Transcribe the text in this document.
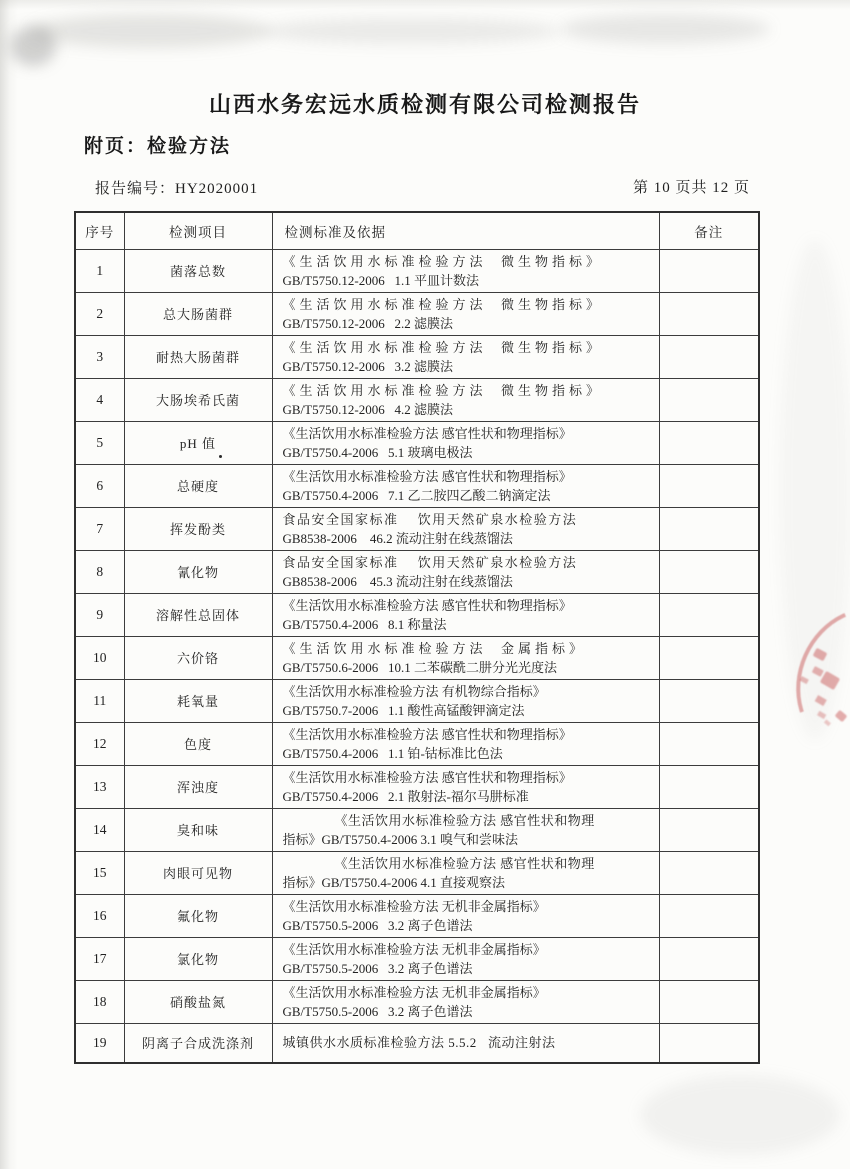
山西水务宏远水质检测有限公司检测报告
附页：检验方法
报告编号：HY2020001	第 10 页共 12 页
序号	检测项目	检测标准及依据	备注
1	菌落总数	《生活饮用水标准检验方法  微生物指标》
GB/T5750.12-2006   1.1 平皿计数法	

2	总大肠菌群	《生活饮用水标准检验方法  微生物指标》
GB/T5750.12-2006   2.2 滤膜法	

3	耐热大肠菌群	《生活饮用水标准检验方法  微生物指标》
GB/T5750.12-2006   3.2 滤膜法	

4	大肠埃希氏菌	《生活饮用水标准检验方法  微生物指标》
GB/T5750.12-2006   4.2 滤膜法	

5	pH 值	《生活饮用水标准检验方法 感官性状和物理指标》
GB/T5750.4-2006   5.1 玻璃电极法	

6	总硬度	《生活饮用水标准检验方法 感官性状和物理指标》
GB/T5750.4-2006   7.1 乙二胺四乙酸二钠滴定法	

7	挥发酚类	食品安全国家标准　 饮用天然矿泉水检验方法
GB8538-2006    46.2 流动注射在线蒸馏法	

8	氰化物	食品安全国家标准　 饮用天然矿泉水检验方法
GB8538-2006    45.3 流动注射在线蒸馏法	

9	溶解性总固体	《生活饮用水标准检验方法 感官性状和物理指标》
GB/T5750.4-2006   8.1 称量法	

10	六价铬	《生活饮用水标准检验方法  金属指标》
GB/T5750.6-2006   10.1 二苯碳酰二肼分光光度法	

11	耗氧量	《生活饮用水标准检验方法 有机物综合指标》
GB/T5750.7-2006   1.1 酸性高锰酸钾滴定法	

12	色度	《生活饮用水标准检验方法 感官性状和物理指标》
GB/T5750.4-2006   1.1 铂-钴标准比色法	

13	浑浊度	《生活饮用水标准检验方法 感官性状和物理指标》
GB/T5750.4-2006   2.1 散射法-福尔马肼标准	

14	臭和味	《生活饮用水标准检验方法 感官性状和物理
指标》GB/T5750.4-2006 3.1 嗅气和尝味法	

15	肉眼可见物	《生活饮用水标准检验方法 感官性状和物理
指标》GB/T5750.4-2006 4.1 直接观察法	

16	氟化物	《生活饮用水标准检验方法 无机非金属指标》
GB/T5750.5-2006   3.2 离子色谱法	

17	氯化物	《生活饮用水标准检验方法 无机非金属指标》
GB/T5750.5-2006   3.2 离子色谱法	

18	硝酸盐氮	《生活饮用水标准检验方法 无机非金属指标》
GB/T5750.5-2006   3.2 离子色谱法	

19	阴离子合成洗涤剂	城镇供水水质标准检验方法 5.5.2   流动注射法	
